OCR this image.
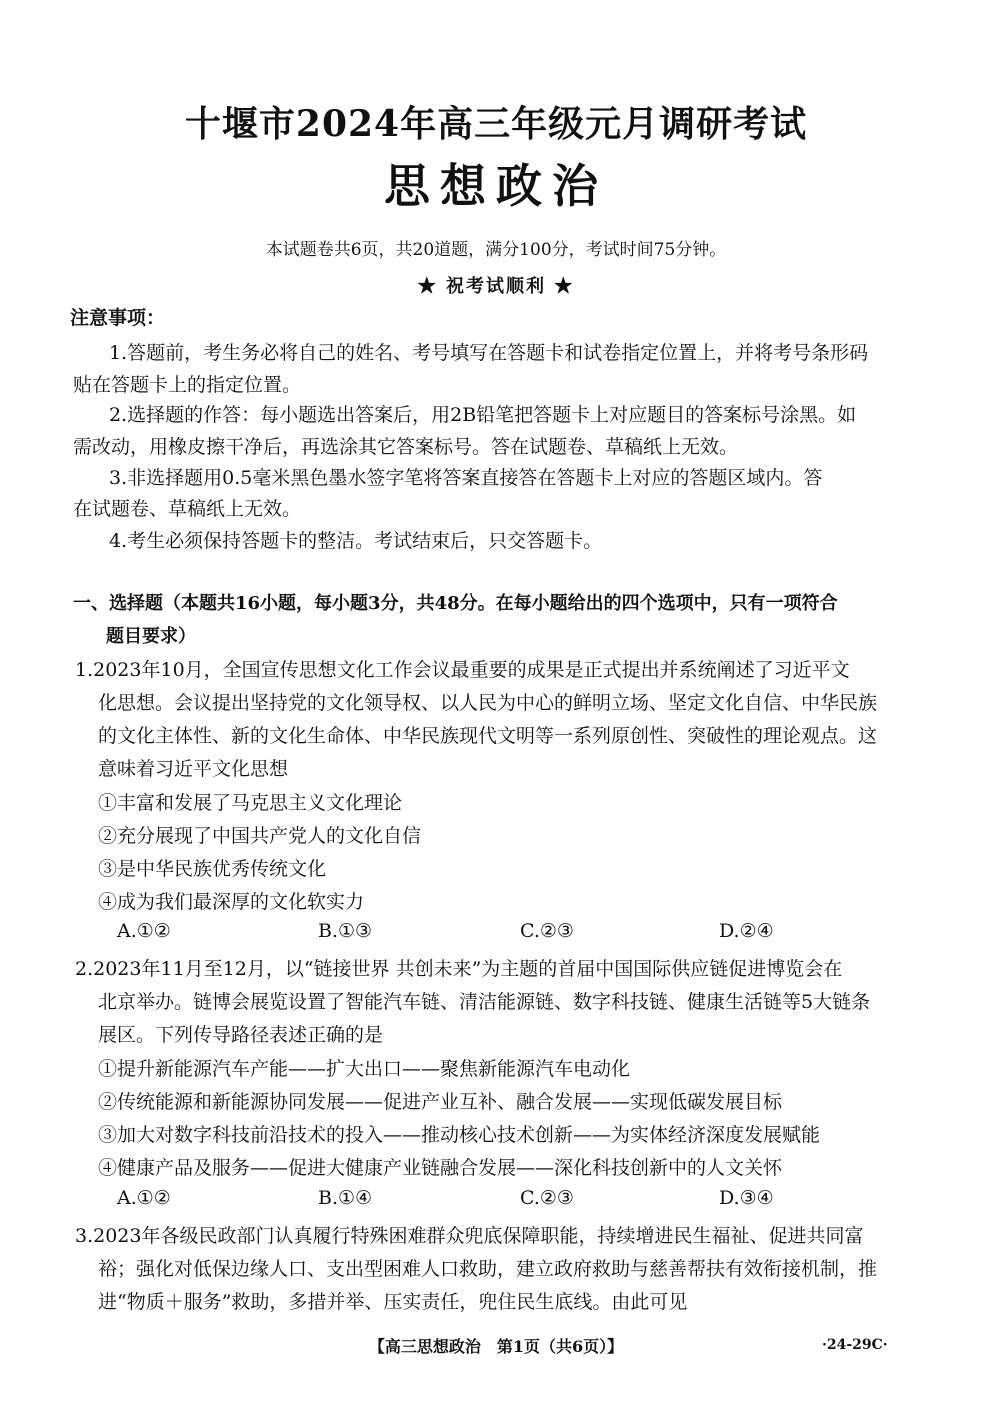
十堰市2024年高三年级元月调研考试
思想政治
本试题卷共6页，共20道题，满分100分，考试时间75分钟。
★ 祝考试顺利 ★
注意事项：
1.答题前，考生务必将自己的姓名、考号填写在答题卡和试卷指定位置上，并将考号条形码
贴在答题卡上的指定位置。
2.选择题的作答：每小题选出答案后，用2B铅笔把答题卡上对应题目的答案标号涂黑。如
需改动，用橡皮擦干净后，再选涂其它答案标号。答在试题卷、草稿纸上无效。
3.非选择题用0.5毫米黑色墨水签字笔将答案直接答在答题卡上对应的答题区域内。答
在试题卷、草稿纸上无效。
4.考生必须保持答题卡的整洁。考试结束后，只交答题卡。
一、选择题（本题共16小题，每小题3分，共48分。在每小题给出的四个选项中，只有一项符合
题目要求）
1.2023年10月，全国宣传思想文化工作会议最重要的成果是正式提出并系统阐述了习近平文
化思想。会议提出坚持党的文化领导权、以人民为中心的鲜明立场、坚定文化自信、中华民族
的文化主体性、新的文化生命体、中华民族现代文明等一系列原创性、突破性的理论观点。这
意味着习近平文化思想
①丰富和发展了马克思主义文化理论
②充分展现了中国共产党人的文化自信
③是中华民族优秀传统文化
④成为我们最深厚的文化软实力
A.①②	B.①③	C.②③	D.②④
2.2023年11月至12月，以“链接世界 共创未来”为主题的首届中国国际供应链促进博览会在
北京举办。链博会展览设置了智能汽车链、清洁能源链、数字科技链、健康生活链等5大链条
展区。下列传导路径表述正确的是
①提升新能源汽车产能——扩大出口——聚焦新能源汽车电动化
②传统能源和新能源协同发展——促进产业互补、融合发展——实现低碳发展目标
③加大对数字科技前沿技术的投入——推动核心技术创新——为实体经济深度发展赋能
④健康产品及服务——促进大健康产业链融合发展——深化科技创新中的人文关怀
A.①②	B.①④	C.②③	D.③④
3.2023年各级民政部门认真履行特殊困难群众兜底保障职能，持续增进民生福祉、促进共同富
裕；强化对低保边缘人口、支出型困难人口救助，建立政府救助与慈善帮扶有效衔接机制，推
进“物质＋服务”救助，多措并举、压实责任，兜住民生底线。由此可见
【高三思想政治　第1页（共6页）】	·24-29C·
